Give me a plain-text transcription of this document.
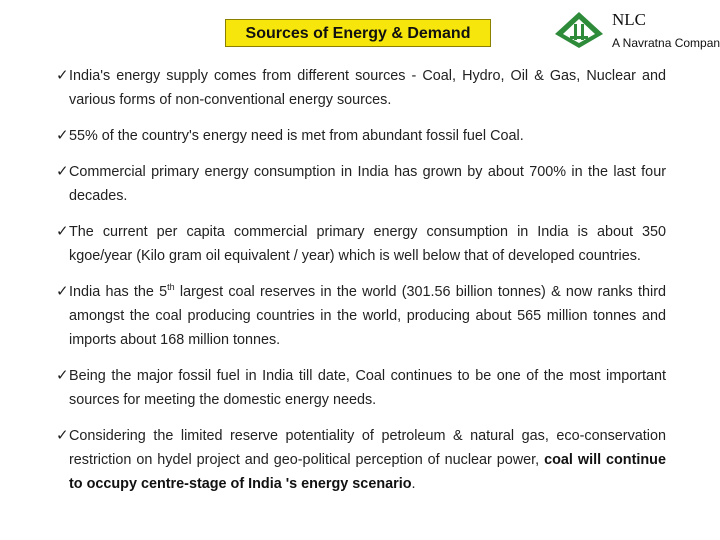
Sources of Energy & Demand
NLC
A Navratna Compan
✓ India's energy supply comes from different sources - Coal, Hydro, Oil & Gas, Nuclear and various forms of non-conventional energy sources.
✓ 55% of the country's energy need is met from abundant fossil fuel Coal.
✓ Commercial primary energy consumption in India has grown by about 700% in the last four decades.
✓ The current per capita commercial primary energy consumption in India is about 350 kgoe/year (Kilo gram oil equivalent / year) which is well below that of developed countries.
✓ India has the 5th largest coal reserves in the world (301.56 billion tonnes) & now ranks third amongst the coal producing countries in the world, producing about 565 million tonnes and imports about 168 million tonnes.
✓ Being the major fossil fuel in India till date, Coal continues to be one of the most important sources for meeting the domestic energy needs.
✓ Considering the limited reserve potentiality of petroleum & natural gas, eco-conservation restriction on hydel project and geo-political perception of nuclear power, coal will continue to occupy centre-stage of India 's energy scenario.
